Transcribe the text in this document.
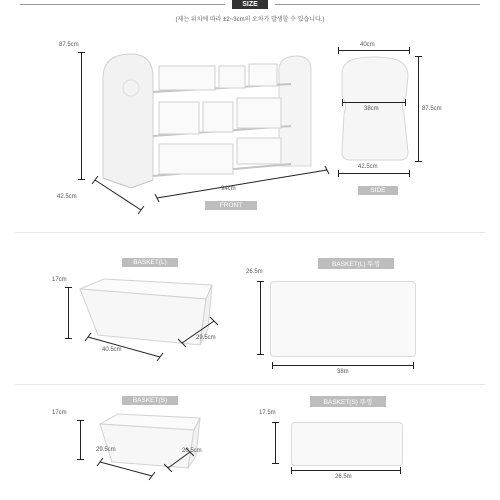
SIZE
(제는 위치에 따라 ±2~3cm의 오차가 발생할 수 있습니다.)
87.5cm
42.5cm
94cm
FRONT
40cm
38cm	87.5cm
42.5cm
SIDE
BASKET(L)
17cm
40.5cm
29.5cm
BASKET(L) 뚜껑
26.5m
38m
BASKET(S)
17cm
29.5cm	20.5cm
BASKET(S) 뚜껑
17.5m
26.5m
